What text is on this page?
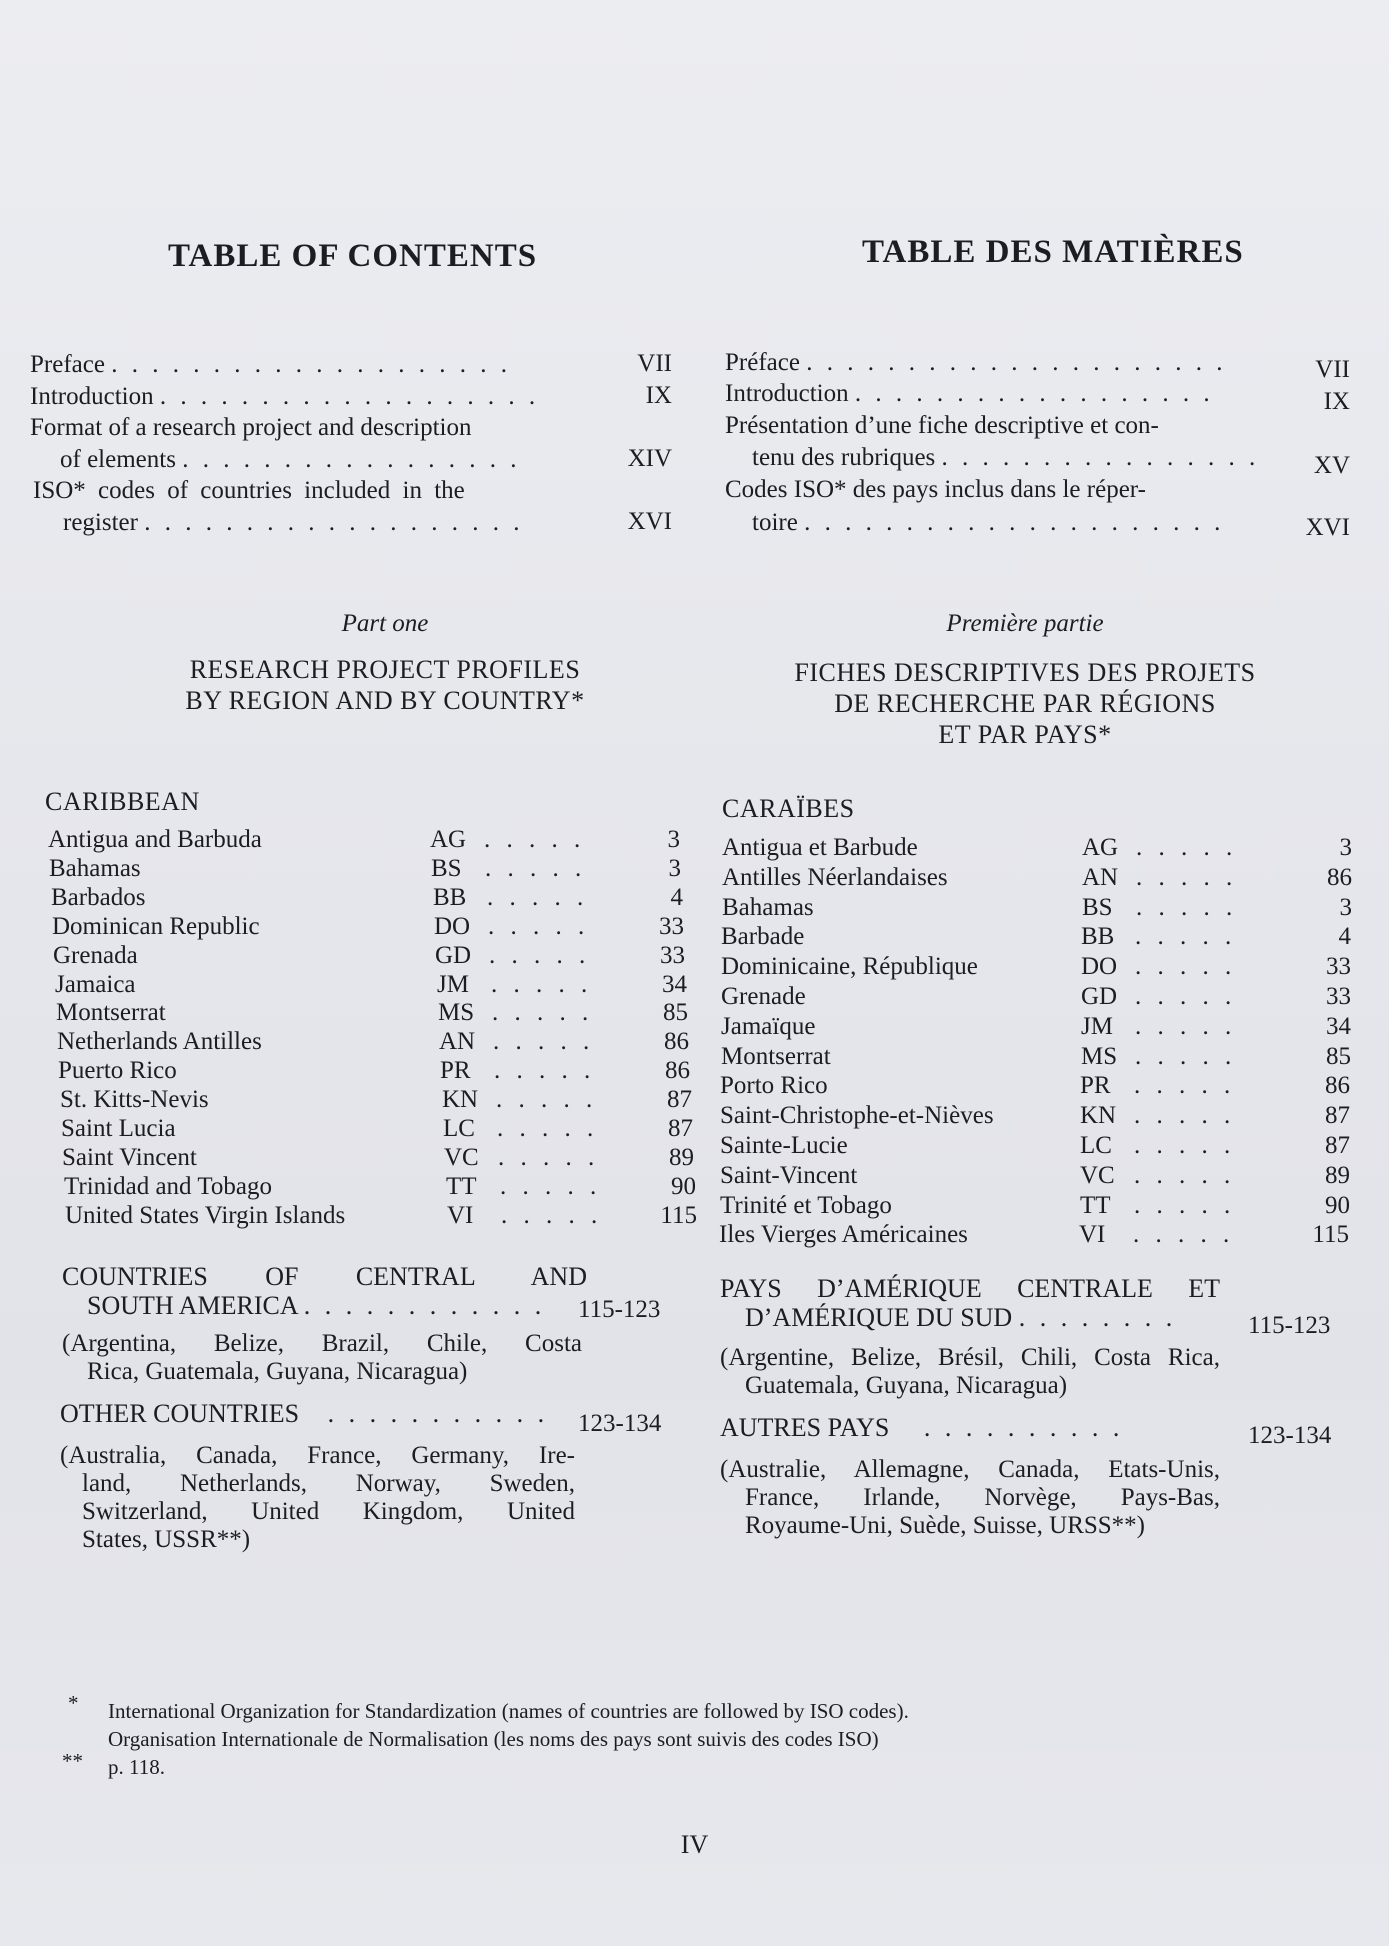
TABLE OF CONTENTS
Preface . . . . . . . . . . . . . . . . . . . .	VII
Introduction . . . . . . . . . . . . . . . . . . .	IX
Format of a research project and description
of elements . . . . . . . . . . . . . . . . .	XIV
ISO* codes of countries included in the
register . . . . . . . . . . . . . . . . . . .	XVI
Part one
RESEARCH PROJECT PROFILES
BY REGION AND BY COUNTRY*
CARIBBEAN
Antigua and Barbuda	AG . . . . .	3
Bahamas	BS . . . . .	3
Barbados	BB . . . . .	4
Dominican Republic	DO . . . . .	33
Grenada	GD . . . . .	33
Jamaica	JM . . . . .	34
Montserrat	MS . . . . .	85
Netherlands Antilles	AN . . . . .	86
Puerto Rico	PR . . . . .	86
St. Kitts-Nevis	KN . . . . .	87
Saint Lucia	LC . . . . .	87
Saint Vincent	VC . . . . .	89
Trinidad and Tobago	TT . . . . .	90
United States Virgin Islands	VI . . . . .	115
COUNTRIES OF CENTRAL AND
SOUTH AMERICA . . . . . . . . . . . . 115-123
(Argentina, Belize, Brazil, Chile, Costa
Rica, Guatemala, Guyana, Nicaragua)
OTHER COUNTRIES . . . . . . . . . . . 123-134
(Australia, Canada, France, Germany, Ire-
land, Netherlands, Norway, Sweden,
Switzerland, United Kingdom, United
States, USSR**)
TABLE DES MATIÈRES
Préface . . . . . . . . . . . . . . . . . . . . .	VII
Introduction . . . . . . . . . . . . . . . . . .	IX
Présentation d’une fiche descriptive et con-
tenu des rubriques . . . . . . . . . . . . . . . .	XV
Codes ISO* des pays inclus dans le réper-
toire . . . . . . . . . . . . . . . . . . . . .	XVI
Première partie
FICHES DESCRIPTIVES DES PROJETS
DE RECHERCHE PAR RÉGIONS
ET PAR PAYS*
CARAÏBES
Antigua et Barbude	AG . . . . .	3
Antilles Néerlandaises	AN . . . . .	86
Bahamas	BS . . . . .	3
Barbade	BB . . . . .	4
Dominicaine, République	DO . . . . .	33
Grenade	GD . . . . .	33
Jamaïque	JM . . . . .	34
Montserrat	MS . . . . .	85
Porto Rico	PR . . . . .	86
Saint-Christophe-et-Nièves	KN . . . . .	87
Sainte-Lucie	LC . . . . .	87
Saint-Vincent	VC . . . . .	89
Trinité et Tobago	TT . . . . .	90
Iles Vierges Américaines	VI . . . . .	115
PAYS D’AMÉRIQUE CENTRALE ET
D’AMÉRIQUE DU SUD . . . . . . . .	115-123
(Argentine, Belize, Brésil, Chili, Costa Rica,
Guatemala, Guyana, Nicaragua)
AUTRES PAYS . . . . . . . . . .	123-134
(Australie, Allemagne, Canada, Etats-Unis,
France, Irlande, Norvège, Pays-Bas,
Royaume-Uni, Suède, Suisse, URSS**)
* International Organization for Standardization (names of countries are followed by ISO codes).
Organisation Internationale de Normalisation (les noms des pays sont suivis des codes ISO)
** p. 118.
IV
